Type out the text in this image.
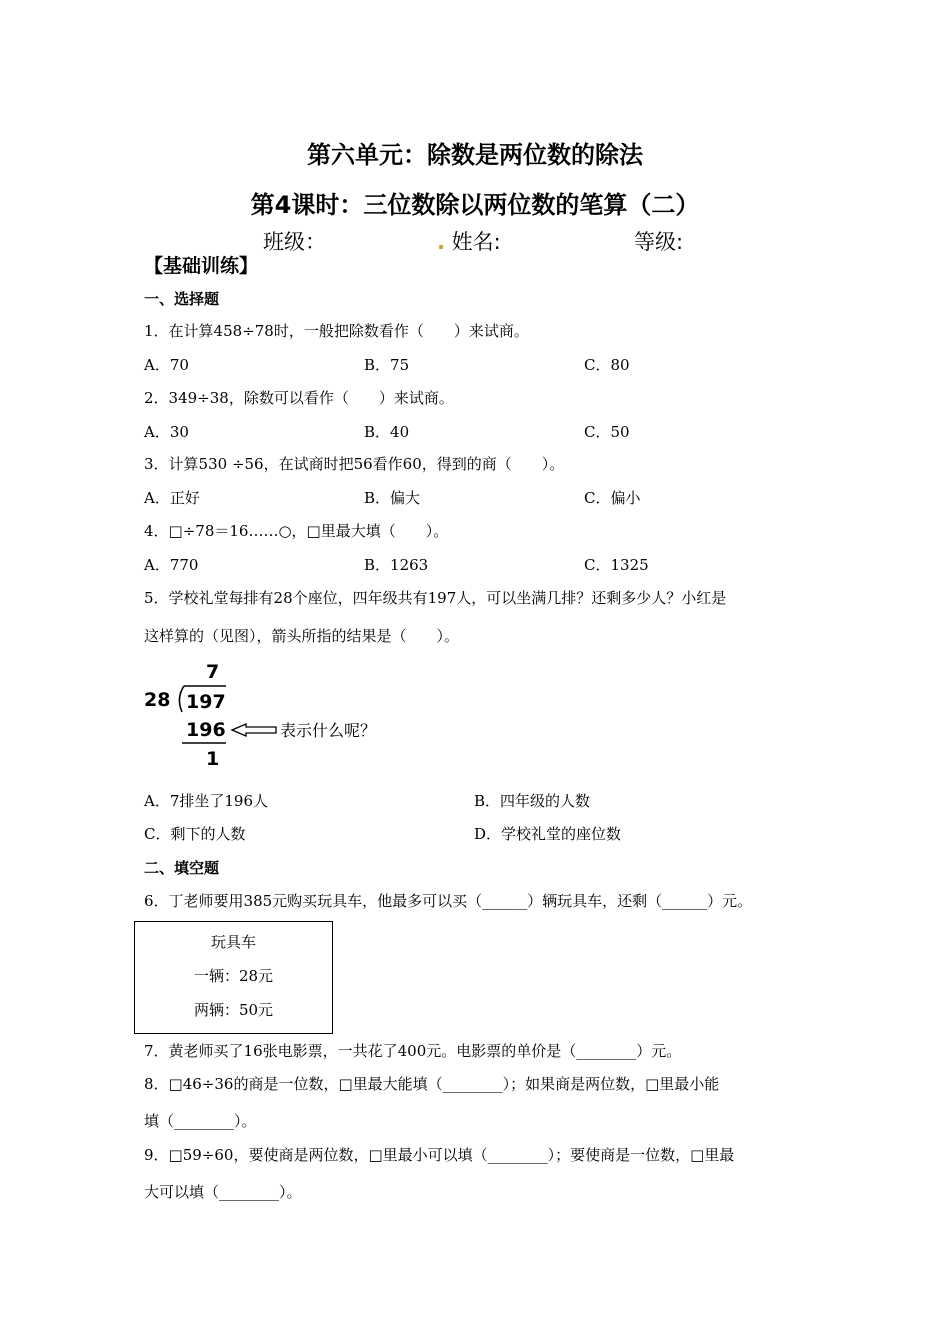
第六单元：除数是两位数的除法
第4课时：三位数除以两位数的笔算（二）
班级：	. 姓名:	等级:
【基础训练】
一、选择题
1．在计算458÷78时，一般把除数看作（　　）来试商。
A．70	B．75	C．80
2．349÷38，除数可以看作（　　）来试商。
A．30	B．40	C．50
3．计算530 ÷56，在试商时把56看作60，得到的商（　　）。
A．正好	B．偏大	C．偏小
4．□÷78＝16……○，□里最大填（　　）。
A．770	B．1263	C．1325
5．学校礼堂每排有28个座位，四年级共有197人，可以坐满几排？还剩多少人？小红是
这样算的（见图），箭头所指的结果是（　　）。
7
28 197
196
1
表示什么呢？
A．7排坐了196人	B．四年级的人数
C．剩下的人数	D．学校礼堂的座位数
二、填空题
6．丁老师要用385元购买玩具车，他最多可以买（______）辆玩具车，还剩（______）元。
玩具车
一辆：28元
两辆：50元
7．黄老师买了16张电影票，一共花了400元。电影票的单价是（________）元。
8．□46÷36的商是一位数，□里最大能填（________）；如果商是两位数，□里最小能
填（________）。
9．□59÷60，要使商是两位数，□里最小可以填（________）；要使商是一位数，□里最
大可以填（________）。
